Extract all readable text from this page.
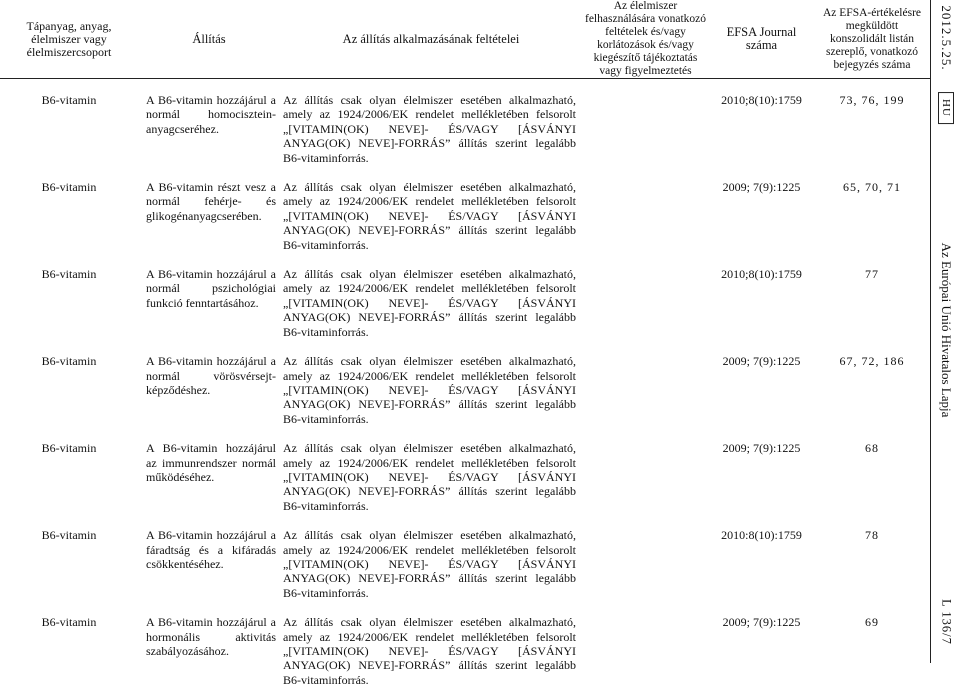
Tápanyag, anyag, élelmiszer vagy élelmiszercsoport	Állítás	Az állítás alkalmazásának feltételei	Az élelmiszer felhasználására vonatkozó feltételek és/vagy korlátozások és/vagy kiegészítő tájékoztatás vagy figyelmeztetés	EFSA Journal száma	Az EFSA-értékelésre megküldött konszolidált listán szereplő, vonatkozó bejegyzés száma
B6-vitamin	A B6-vitamin hozzájárul a normál homocisztein-anyagcseréhez.	Az állítás csak olyan élelmiszer esetében alkalmazható, amely az 1924/2006/EK rendelet mellékletében felsorolt „[VITAMIN(OK) NEVE]- ÉS/VAGY [ÁSVÁNYI ANYAG(OK) NEVE]-FORRÁS” állítás szerint legalább B6-vitaminforrás.		2010;8(10):1759	73, 76, 199
B6-vitamin	A B6-vitamin részt vesz a normál fehérje- és glikogénanyagcserében.	Az állítás csak olyan élelmiszer esetében alkalmazható, amely az 1924/2006/EK rendelet mellékletében felsorolt „[VITAMIN(OK) NEVE]- ÉS/VAGY [ÁSVÁNYI ANYAG(OK) NEVE]-FORRÁS” állítás szerint legalább B6-vitaminforrás.		2009; 7(9):1225	65, 70, 71
B6-vitamin	A B6-vitamin hozzájárul a normál pszichológiai funkció fenntartásához.	Az állítás csak olyan élelmiszer esetében alkalmazható, amely az 1924/2006/EK rendelet mellékletében felsorolt „[VITAMIN(OK) NEVE]- ÉS/VAGY [ÁSVÁNYI ANYAG(OK) NEVE]-FORRÁS” állítás szerint legalább B6-vitaminforrás.		2010;8(10):1759	77
B6-vitamin	A B6-vitamin hozzájárul a normál vörösvérsejt-képződéshez.	Az állítás csak olyan élelmiszer esetében alkalmazható, amely az 1924/2006/EK rendelet mellékletében felsorolt „[VITAMIN(OK) NEVE]- ÉS/VAGY [ÁSVÁNYI ANYAG(OK) NEVE]-FORRÁS” állítás szerint legalább B6-vitaminforrás.		2009; 7(9):1225	67, 72, 186
B6-vitamin	A B6-vitamin hozzájárul az immunrendszer normál működéséhez.	Az állítás csak olyan élelmiszer esetében alkalmazható, amely az 1924/2006/EK rendelet mellékletében felsorolt „[VITAMIN(OK) NEVE]- ÉS/VAGY [ÁSVÁNYI ANYAG(OK) NEVE]-FORRÁS” állítás szerint legalább B6-vitaminforrás.		2009; 7(9):1225	68
B6-vitamin	A B6-vitamin hozzájárul a fáradtság és a kifáradás csökkentéséhez.	Az állítás csak olyan élelmiszer esetében alkalmazható, amely az 1924/2006/EK rendelet mellékletében felsorolt „[VITAMIN(OK) NEVE]- ÉS/VAGY [ÁSVÁNYI ANYAG(OK) NEVE]-FORRÁS” állítás szerint legalább B6-vitaminforrás.		2010:8(10):1759	78
B6-vitamin	A B6-vitamin hozzájárul a hormonális aktivitás szabályozásához.	Az állítás csak olyan élelmiszer esetében alkalmazható, amely az 1924/2006/EK rendelet mellékletében felsorolt „[VITAMIN(OK) NEVE]- ÉS/VAGY [ÁSVÁNYI ANYAG(OK) NEVE]-FORRÁS” állítás szerint legalább B6-vitaminforrás.		2009; 7(9):1225	69
2012.5.25.
HU
Az Európai Unió Hivatalos Lapja
L 136/7
